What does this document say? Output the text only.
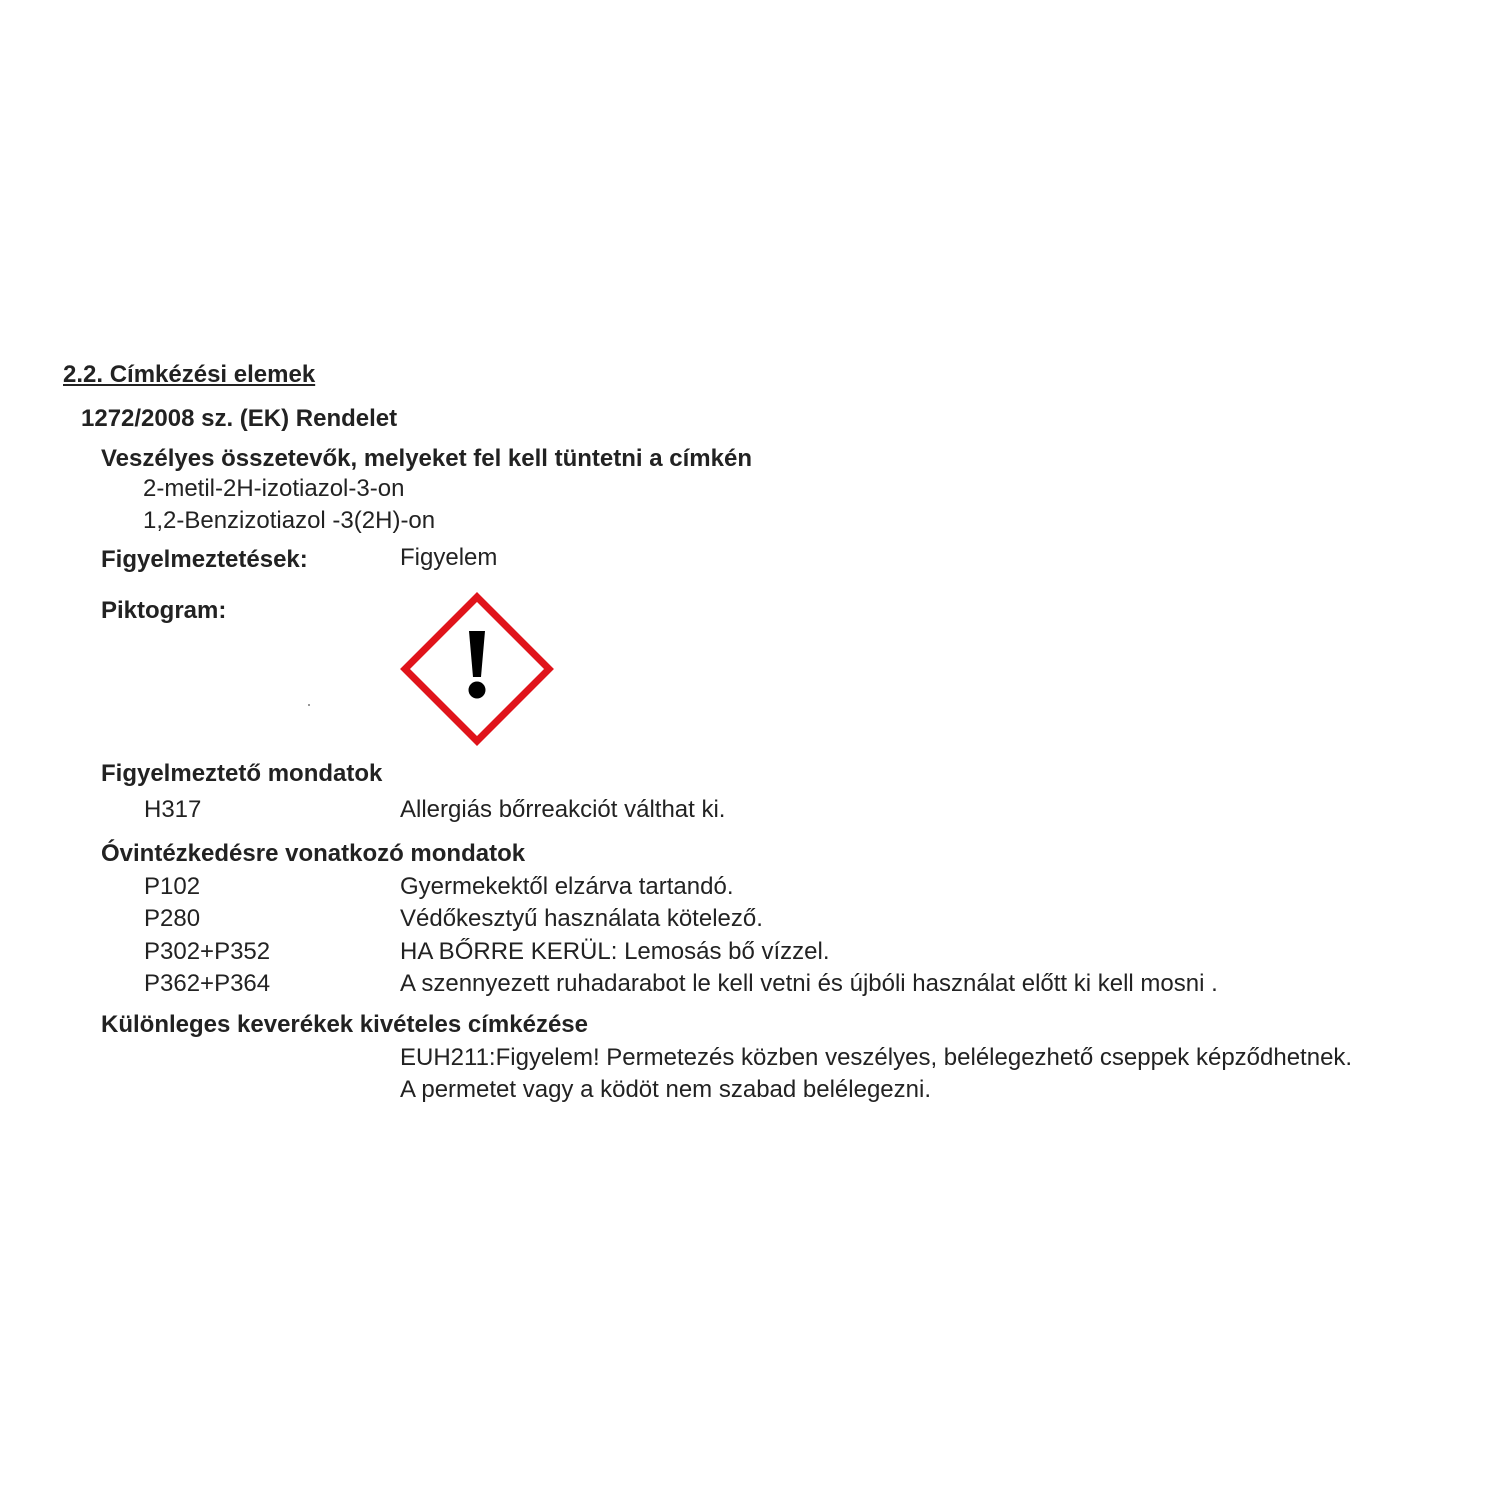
2.2. Címkézési elemek
1272/2008 sz. (EK) Rendelet
Veszélyes összetevők, melyeket fel kell tüntetni a címkén
2-metil-2H-izotiazol-3-on
1,2-Benzizotiazol -3(2H)-on
Figyelmeztetések:	Figyelem
Piktogram:
Figyelmeztető mondatok
H317	Allergiás bőrreakciót válthat ki.
Óvintézkedésre vonatkozó mondatok
P102	Gyermekektől elzárva tartandó.
P280	Védőkesztyű használata kötelező.
P302+P352	HA BŐRRE KERÜL: Lemosás bő vízzel.
P362+P364	A szennyezett ruhadarabot le kell vetni és újbóli használat előtt ki kell mosni .
Különleges keverékek kivételes címkézése
EUH211:Figyelem! Permetezés közben veszélyes, belélegezhető cseppek képződhetnek.
A permetet vagy a ködöt nem szabad belélegezni.
